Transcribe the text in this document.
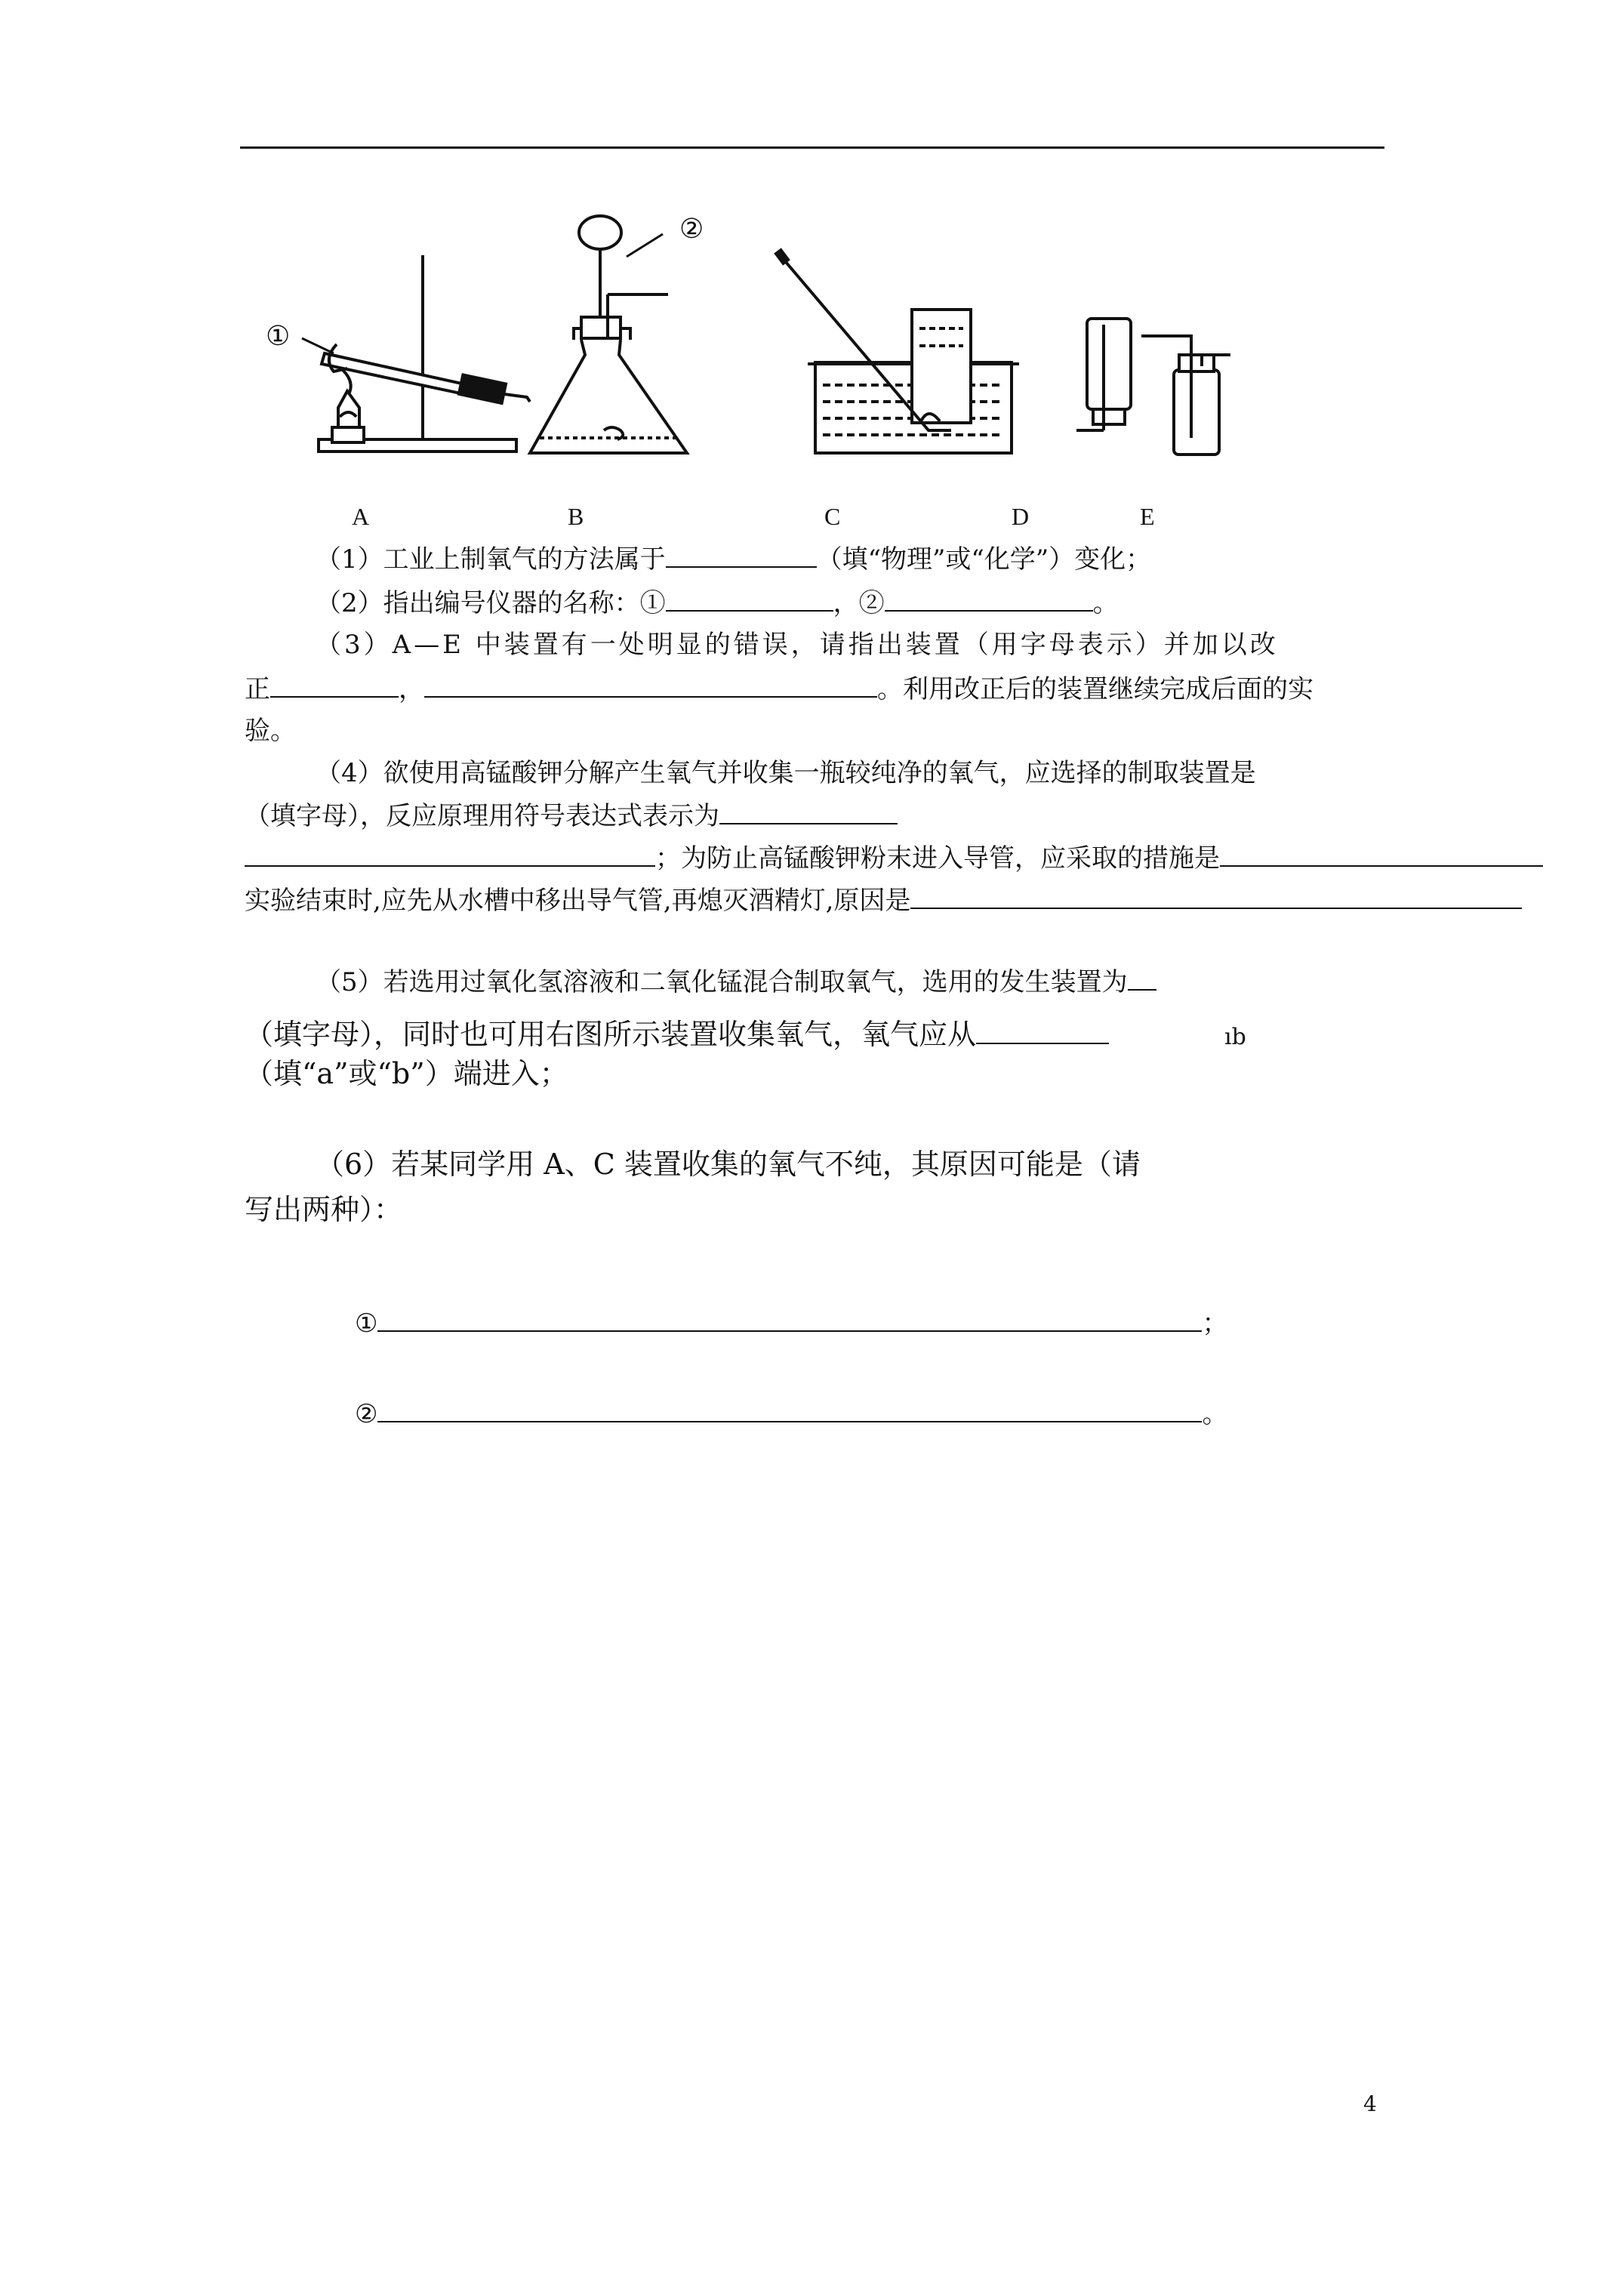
①
②
A	B	C	D	E
（1）工业上制氧气的方法属于	（填“物理”或“化学”）变化；
（2）指出编号仪器的名称：①	，②	。
（3）A—E 中装置有一处明显的错误，请指出装置（用字母表示）并加以改
正	，	。利用改正后的装置继续完成后面的实
验。
（4）欲使用高锰酸钾分解产生氧气并收集一瓶较纯净的氧气，应选择的制取装置是
（填字母），反应原理用符号表达式表示为
；为防止高锰酸钾粉末进入导管，应采取的措施是
实验结束时,应先从水槽中移出导气管,再熄灭酒精灯,原因是
（5）若选用过氧化氢溶液和二氧化锰混合制取氧气，选用的发生装置为
（填字母），同时也可用右图所示装置收集氧气，氧气应从	ıb
（填“a”或“b”）端进入；
（6）若某同学用 A、C 装置收集的氧气不纯，其原因可能是（请
写出两种）：
①	；
②	。
4
